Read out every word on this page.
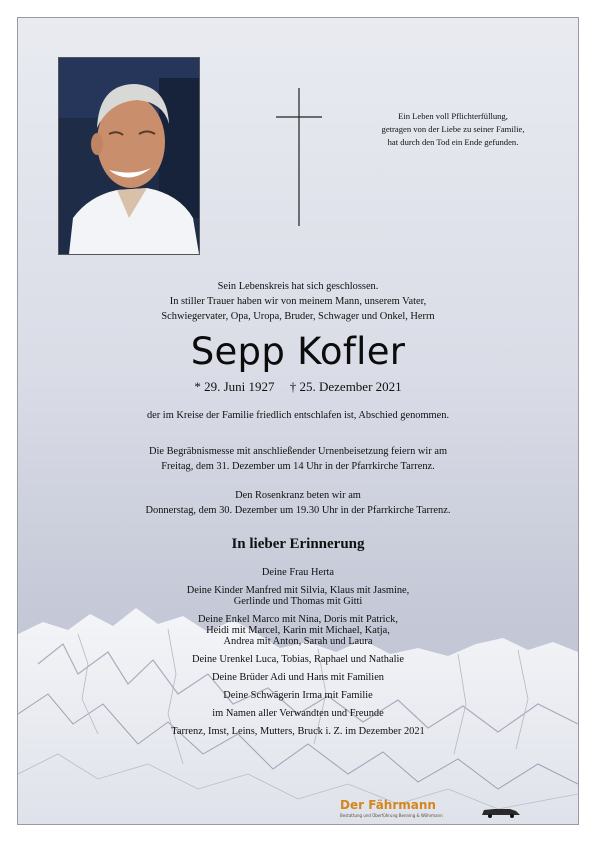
Ein Leben voll Pflichterfüllung,
getragen von der Liebe zu seiner Familie,
hat durch den Tod ein Ende gefunden.
Sein Lebenskreis hat sich geschlossen.
In stiller Trauer haben wir von meinem Mann, unserem Vater,
Schwiegervater, Opa, Uropa, Bruder, Schwager und Onkel, Herrn
Sepp Kofler
* 29. Juni 1927 † 25. Dezember 2021
der im Kreise der Familie friedlich entschlafen ist, Abschied genommen.
Die Begräbnismesse mit anschließender Urnenbeisetzung feiern wir am
Freitag, dem 31. Dezember um 14 Uhr in der Pfarrkirche Tarrenz.
Den Rosenkranz beten wir am
Donnerstag, dem 30. Dezember um 19.30 Uhr in der Pfarrkirche Tarrenz.
In lieber Erinnerung
Deine Frau Herta
Deine Kinder Manfred mit Silvia, Klaus mit Jasmine,
Gerlinde und Thomas mit Gitti
Deine Enkel Marco mit Nina, Doris mit Patrick,
Heidi mit Marcel, Karin mit Michael, Katja,
Andrea mit Anton, Sarah und Laura
Deine Urenkel Luca, Tobias, Raphael und Nathalie
Deine Brüder Adi und Hans mit Familien
Deine Schwägerin Irma mit Familie
im Namen aller Verwandten und Freunde
Tarrenz, Imst, Leins, Mutters, Bruck i. Z. im Dezember 2021
Der Fährmann
Bestattung und Überführung Benning & Wöhrmann
